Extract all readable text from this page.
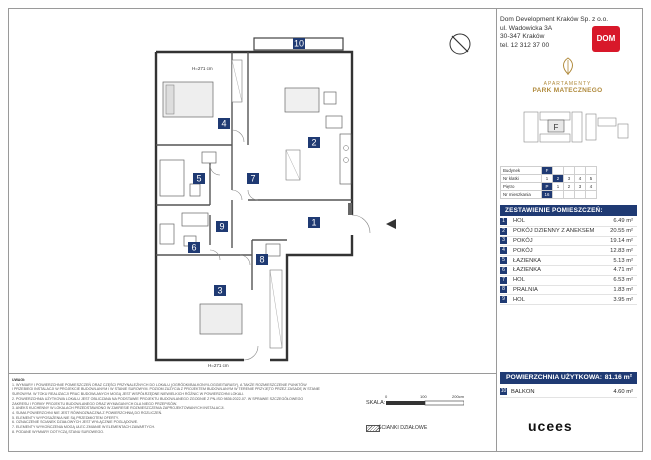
10
1
2
3
4
5
6
7
8
9
H=271 cm
H=271 cm
Dom Development Kraków Sp. z o.o.
ul. Wadowicka 3A
30-347 Kraków
tel. 12 312 37 00
DOM
APARTAMENTY
PARK MATECZNEGO
F
Budynek	F				
Nr klatki	1	2	3	4	5
Piętro	P	1	2	3	4
Nr mieszkania	16				
ZESTAWIENIE POMIESZCZEŃ:
1	HOL	6.49 m²
2	POKÓJ DZIENNY Z ANEKSEM	20.55 m²
3	POKÓJ	19.14 m²
4	POKÓJ	12.83 m²
5	ŁAZIENKA	5.13 m²
6	ŁAZIENKA	4.71 m²
7	HOL	6.53 m²
8	PRALNIA	1.83 m²
9	HOL	3.95 m²
POWIERZCHNIA UŻYTKOWA: 81.16 m²
10 BALKON	4.60 m²
UWAGI:
1. WYMIARY I POWIERZCHNIE POMIESZCZEŃ ORAZ CZĘŚCI PRZYNALEŻNYCH DO LOKALU (OGRÓDKI/BALKONY/LOGGIE/TARASY), A TAKŻE ROZMIESZCZENIE PUNKTÓW
I PRZEBIEGI INSTALACJI W PROJEKCIE BUDOWLANYM I W STANIE SUROWYM. POZIOM ZUŻYCIA Z PROJEKTEM BUDOWLANYM W TERENIE PRZYJĘTO PRZEZ ZASADĘ W STANIE
SUROWYM. W TOKU REALIZACJI PRAC BUDOWLANYCH MOGĄ JEST WSPÓŁRZĘDNE NIEWIELKICH RÓŻNIC W POWIERZCHNI LOKALI.
2. POWIERZCHNIA UŻYTKOWA LOKALU JEST OBLICZANA NA PODSTAWIE PROJEKTU BUDOWLANEGO ZGODNIE Z PN-ISO 9836:2022-07. W SPRAWIE SZCZEGÓŁOWEGO
ZAKRESU I FORMY PROJEKTU BUDOWLANEGO ORAZ WYMAGANYCH DLA NIEGO PRZEPISÓW.
3. ANEKS KUCHENNY W LOKALACH PRZEDSTAWIONO W ZAKRESIE ROZMIESZCZENIA ZAPROJEKTOWANYCH INSTALACJI.
4. SUMA POWIERZCHNI NIE JEST RÓWNOZNACZNA Z POWIERZCHNIĄ DO ROZLICZEŃ.
5. ELEMENTY WYPOSAŻENIA NIE SĄ PRZEDMIOTEM OFERTY.
6. OZNACZENIE SCIANEK DZIAŁOWYCH JEST WYŁĄCZNIE POGLĄDOWE.
7. ELEMENTY WYKOŃCZENIA MOGĄ ULEC ZMIANIE W ELEMENTACH ZAWARTYCH.
8. PODANE WYMIARY DOTYCZĄ STANU SUROWEGO.
SKALA:
0	100	200cm
ŚCIANKI DZIAŁOWE	ucees
